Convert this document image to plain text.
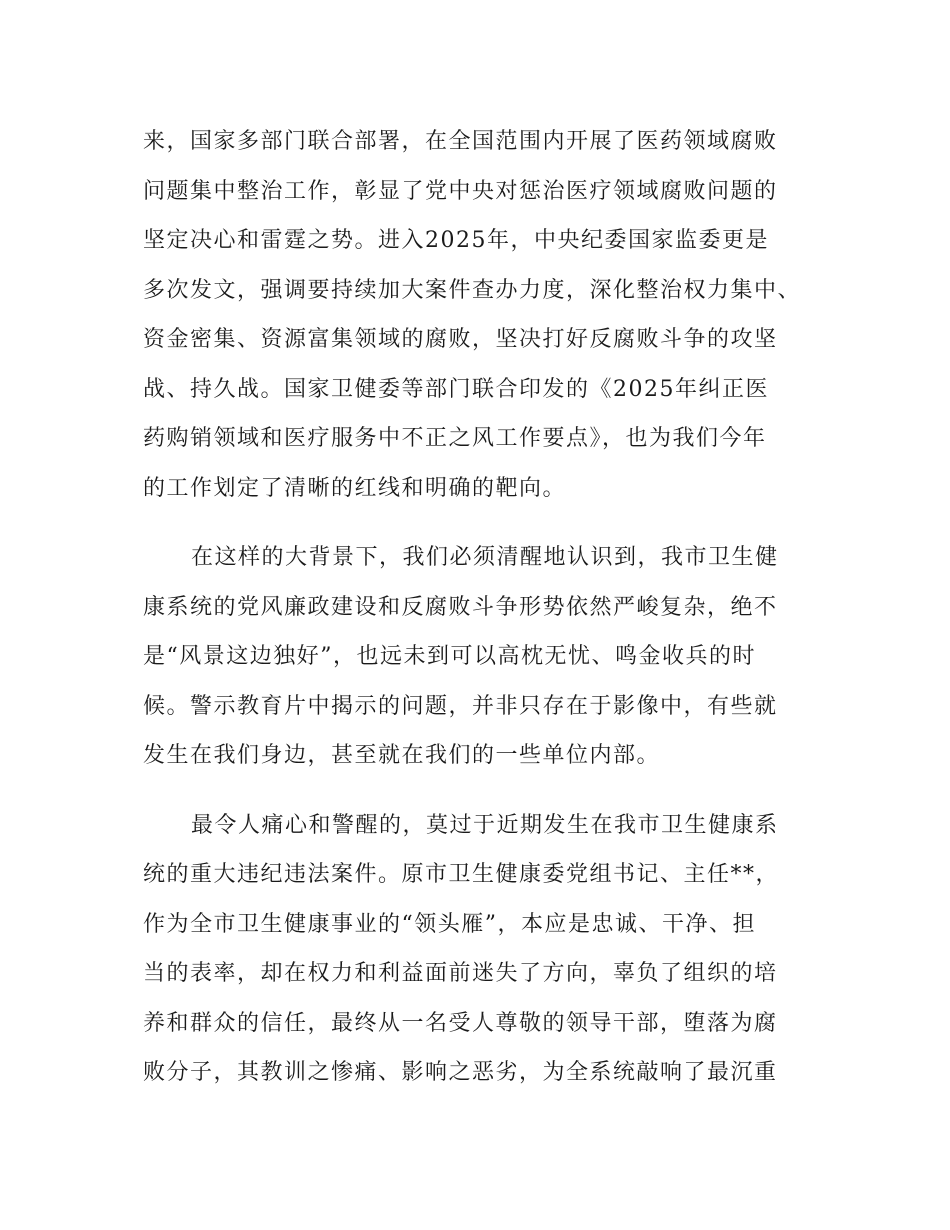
来，国家多部门联合部署，在全国范围内开展了医药领域腐败
问题集中整治工作，彰显了党中央对惩治医疗领域腐败问题的
坚定决心和雷霆之势。进入2025年，中央纪委国家监委更是
多次发文，强调要持续加大案件查办力度，深化整治权力集中、
资金密集、资源富集领域的腐败，坚决打好反腐败斗争的攻坚
战、持久战。国家卫健委等部门联合印发的《2025年纠正医
药购销领域和医疗服务中不正之风工作要点》，也为我们今年
的工作划定了清晰的红线和明确的靶向。
在这样的大背景下，我们必须清醒地认识到，我市卫生健
康系统的党风廉政建设和反腐败斗争形势依然严峻复杂，绝不
是“风景这边独好”，也远未到可以高枕无忧、鸣金收兵的时
候。警示教育片中揭示的问题，并非只存在于影像中，有些就
发生在我们身边，甚至就在我们的一些单位内部。
最令人痛心和警醒的，莫过于近期发生在我市卫生健康系
统的重大违纪违法案件。原市卫生健康委党组书记、主任**，
作为全市卫生健康事业的“领头雁”，本应是忠诚、干净、担
当的表率，却在权力和利益面前迷失了方向，辜负了组织的培
养和群众的信任，最终从一名受人尊敬的领导干部，堕落为腐
败分子，其教训之惨痛、影响之恶劣，为全系统敲响了最沉重
